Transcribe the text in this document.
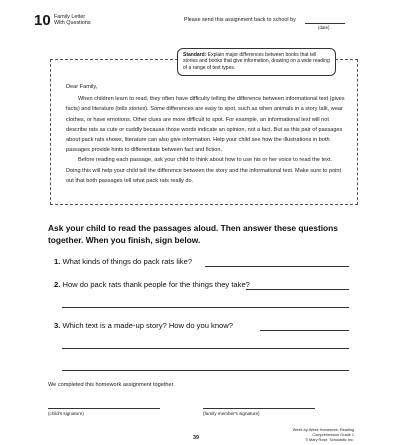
10 Family Letter
With Questions
Please send this assignment back to school by
(date)
Standard: Explain major differences between books that tell stories and books that give information, drawing on a wide reading of a range of text types.

Dear Family,

When children learn to read, they often have difficulty telling the difference between informational text (gives facts) and literature (tells stories). Some differences are easy to spot, such as when animals in a story talk, wear clothes, or have emotions. Other clues are more difficult to spot. For example, an informational text will not describe rats as cute or cuddly because those words indicate an opinion, not a fact. But as this pair of passages about pack rats shows, literature can also give information. Help your child see how the illustrations in both passages provide hints to differentiate between fact and fiction.

Before reading each passage, ask your child to think about how to use his or her voice to read the text. Doing this will help your child tell the difference between the story and the informational text. Make sure to point out that both passages tell what pack rats really do.

Ask your child to read the passages aloud. Then answer these questions together. When you finish, sign below.
1. What kinds of things do pack rats like?
2. How do pack rats thank people for the things they take?
3. Which text is a made-up story? How do you know?
We completed this homework assignment together.
(child's signature)	(family member's signature)
39
Week-by-Week Homework: Reading Comprehension Grade 1
© Mary Rose, Scholastic Inc.
